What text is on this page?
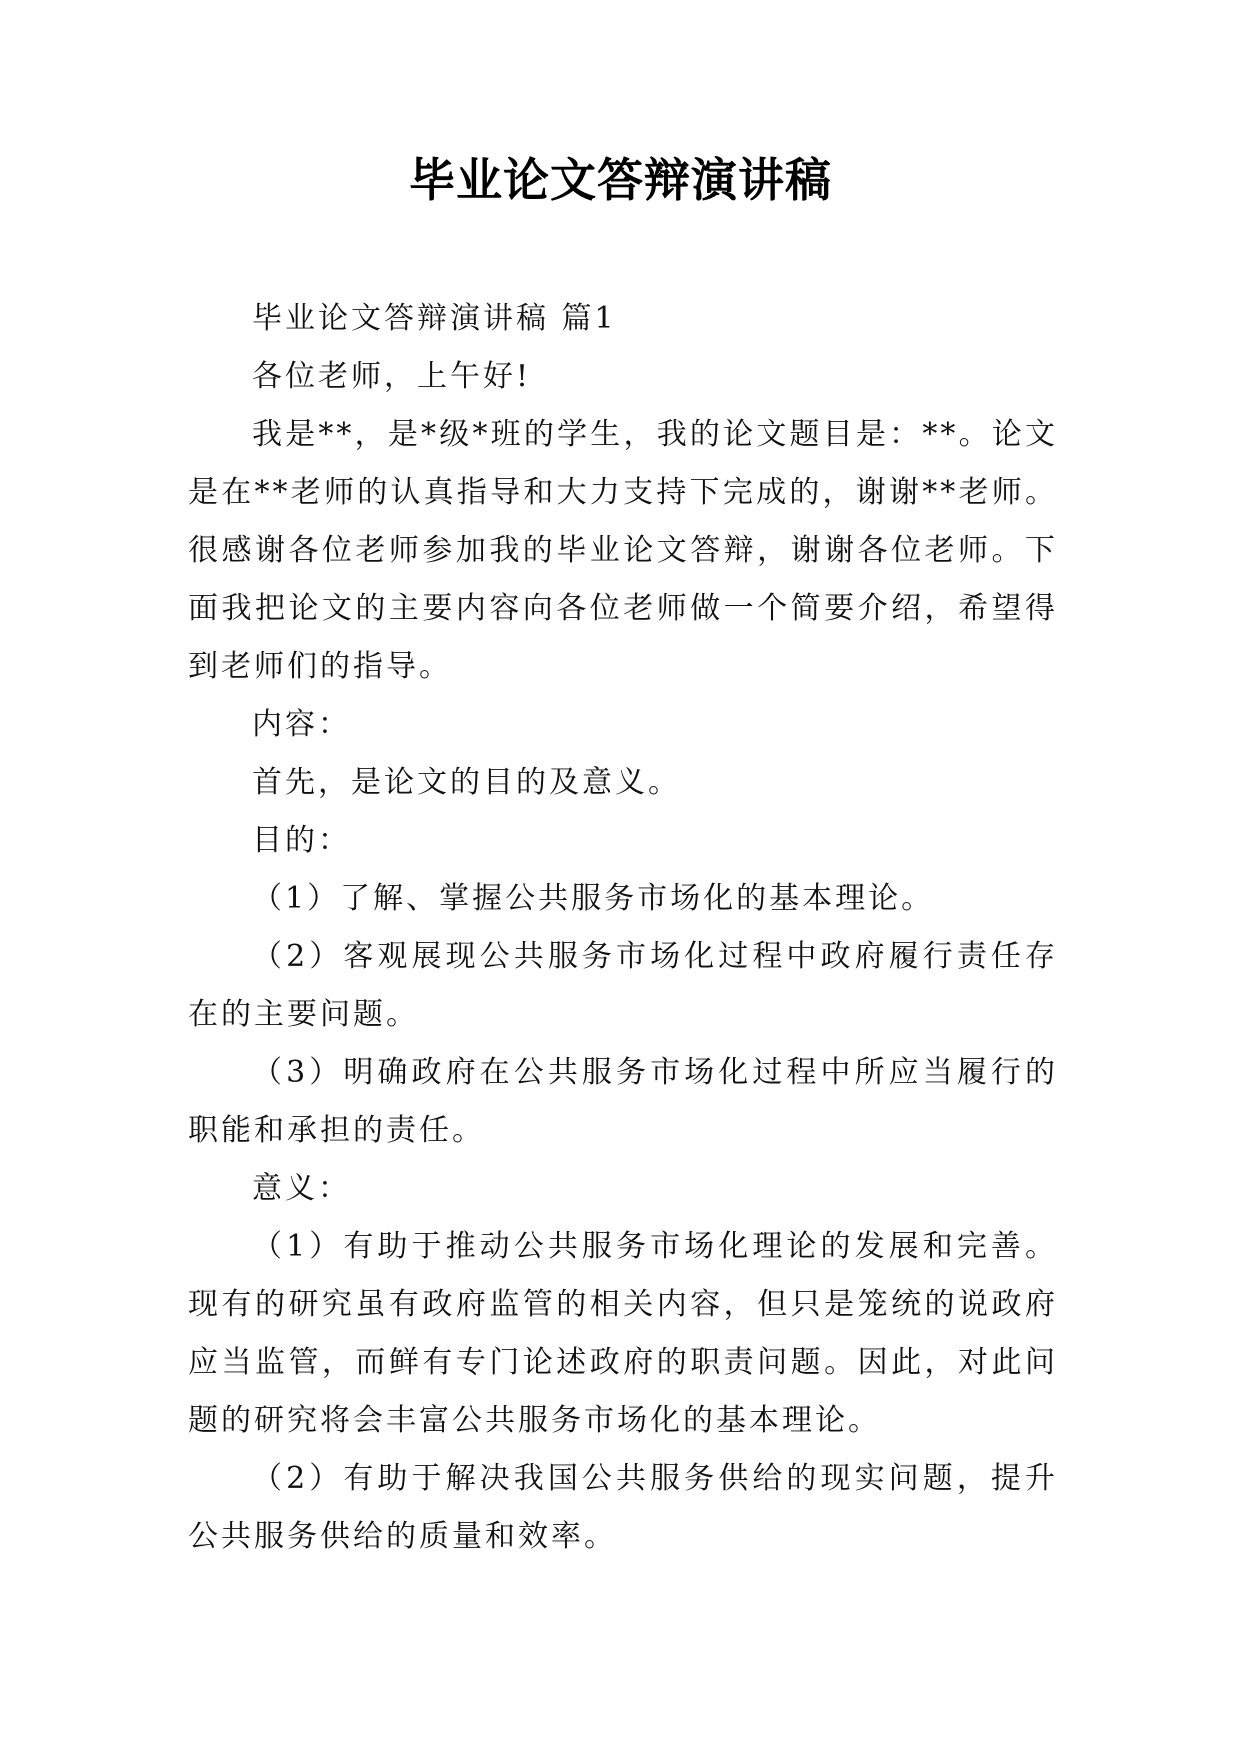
毕业论文答辩演讲稿

毕业论文答辩演讲稿 篇1

各位老师，上午好!

我是**，是*级*班的学生，我的论文题目是：**。论文是在**老师的认真指导和大力支持下完成的，谢谢**老师。很感谢各位老师参加我的毕业论文答辩，谢谢各位老师。下面我把论文的主要内容向各位老师做一个简要介绍，希望得到老师们的指导。

内容：

首先，是论文的目的及意义。

目的：

（1）了解、掌握公共服务市场化的基本理论。

（2）客观展现公共服务市场化过程中政府履行责任存在的主要问题。

（3）明确政府在公共服务市场化过程中所应当履行的职能和承担的责任。

意义：

（1）有助于推动公共服务市场化理论的发展和完善。现有的研究虽有政府监管的相关内容，但只是笼统的说政府应当监管，而鲜有专门论述政府的职责问题。因此，对此问题的研究将会丰富公共服务市场化的基本理论。

（2）有助于解决我国公共服务供给的现实问题，提升公共服务供给的质量和效率。
